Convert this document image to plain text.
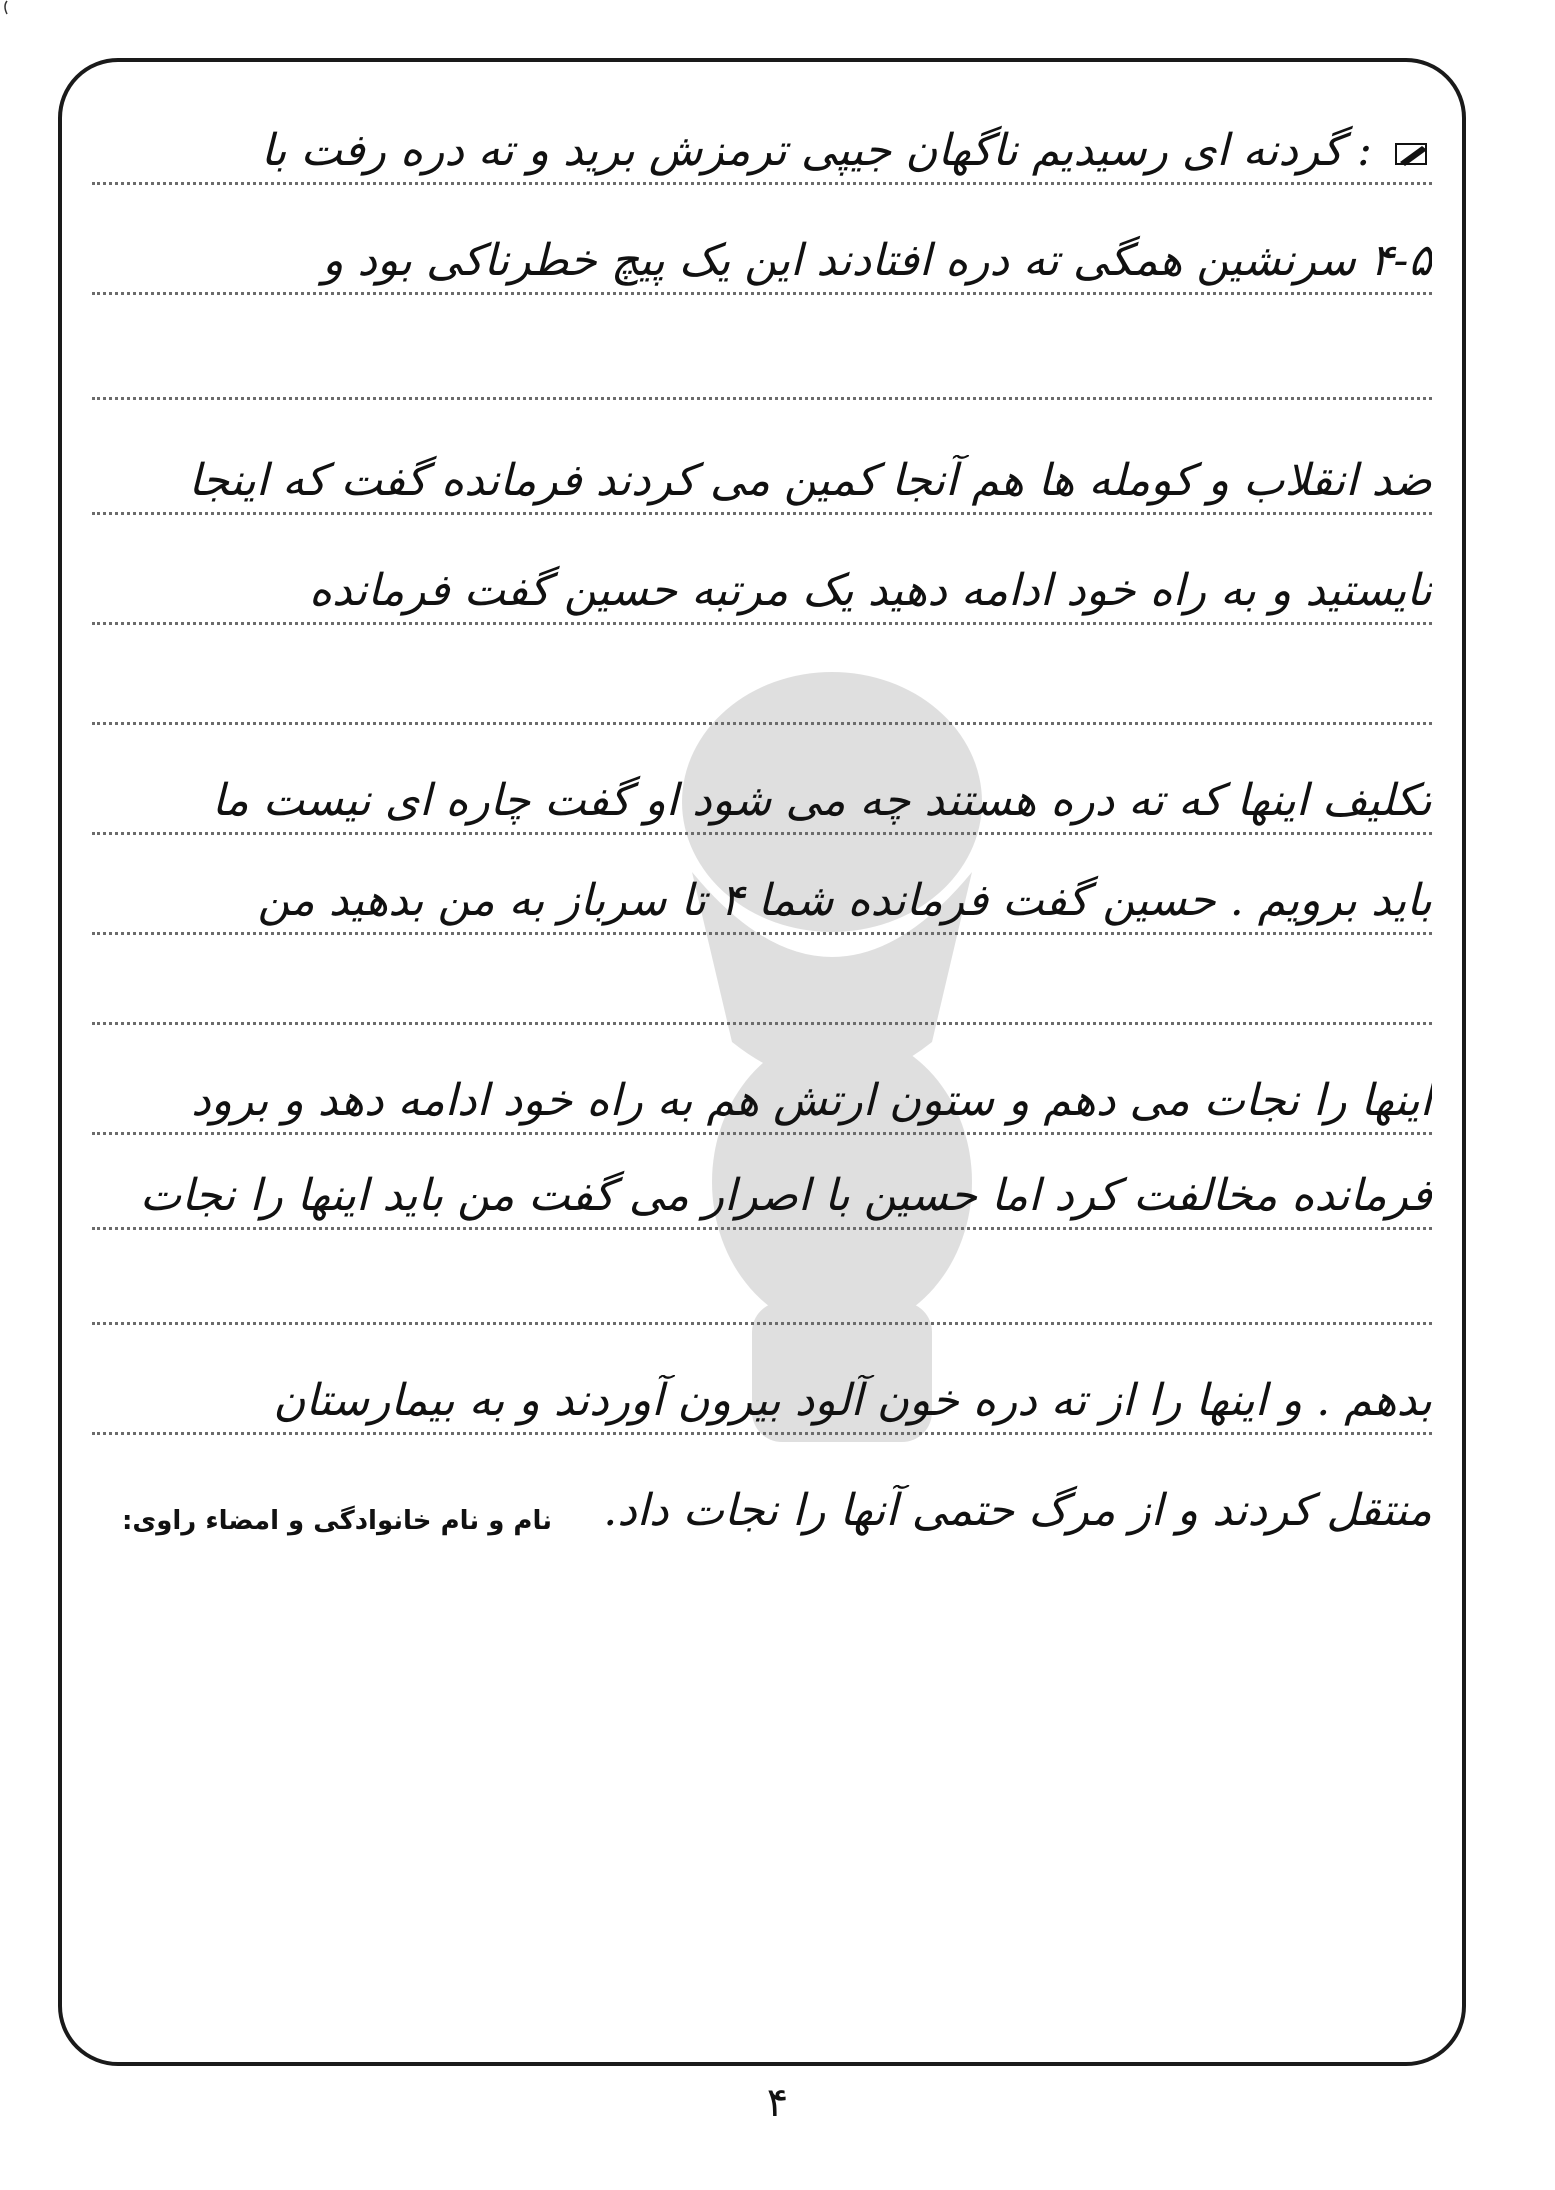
: گردنه ای رسیدیم ناگهان جیپی ترمزش برید و ته دره رفت با
۴-۵ سرنشین همگی ته دره افتادند این یک پیچ خطرناکی بود و
ضد انقلاب و کومله ها هم آنجا کمین می کردند فرمانده گفت که اینجا
نایستید و به راه خود ادامه دهید یک مرتبه حسین گفت فرمانده
تکلیف اینها که ته دره هستند چه می شود او گفت چاره ای نیست ما
باید برویم . حسین گفت فرمانده شما ۴ تا سرباز به من بدهید من
اینها را نجات می دهم و ستون ارتش هم به راه خود ادامه دهد و برود
فرمانده مخالفت کرد اما حسین با اصرار می گفت من باید اینها را نجات
بدهم . و اینها را از ته دره خون آلود بیرون آوردند و به بیمارستان
منتقل کردند و از مرگ حتمی آنها را نجات داد.
نام و نام خانوادگی و امضاء راوی:
۴
